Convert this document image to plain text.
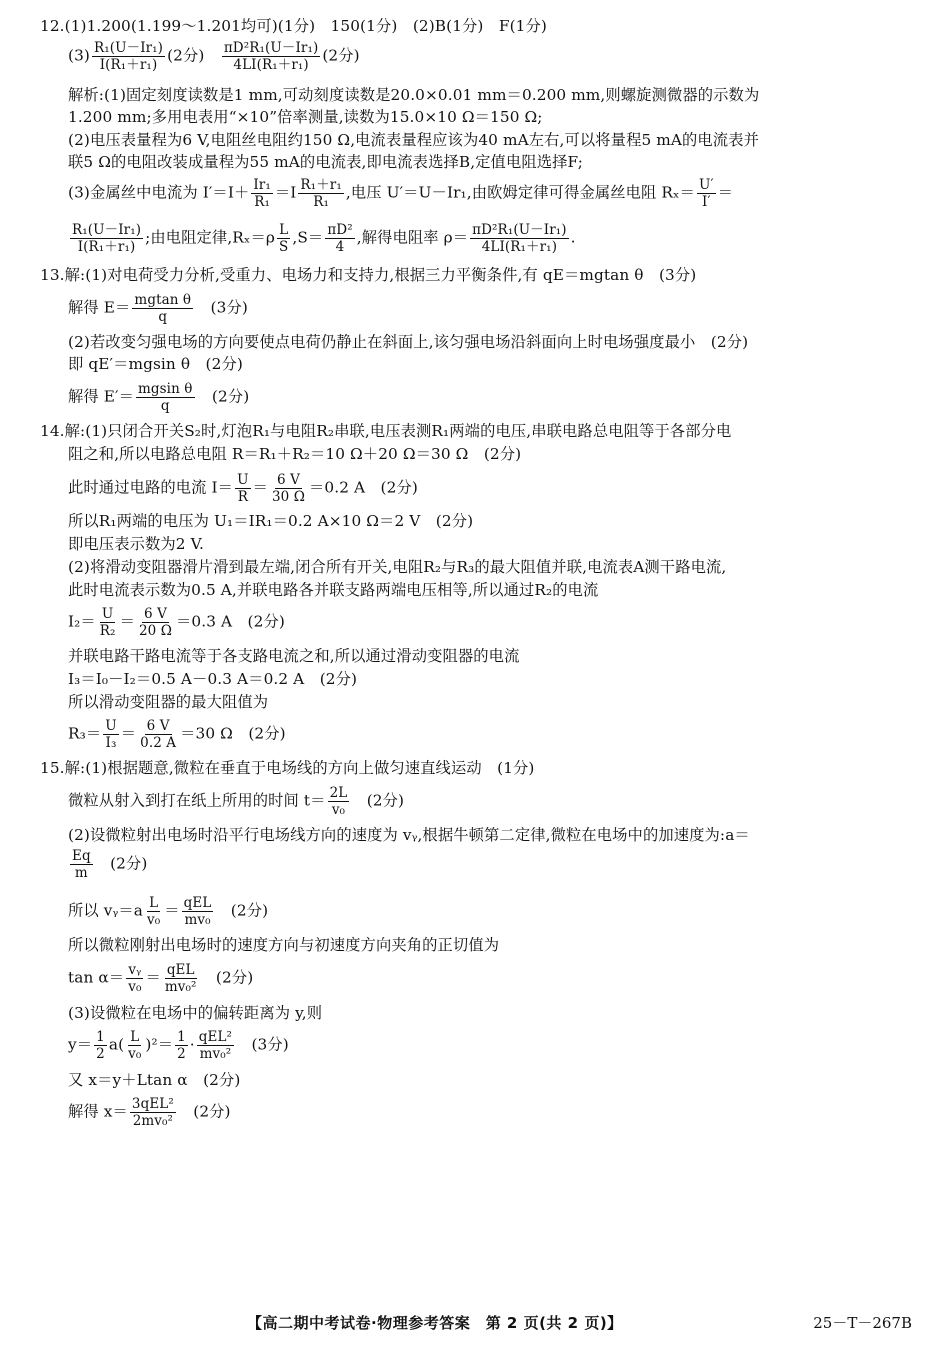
12.(1)1.200(1.199～1.201均可)(1分)　150(1分)　(2)B(1分)　F(1分)
$(3) \frac{\text{R₁(U－Ir₁)}}{\text{I(R₁＋r₁)}} (2$分)　 $\frac{\text{πD²R₁(U－Ir₁)}}{\text{4LI(R₁＋r₁)}} (2$分)
解析:(1)固定刻度读数是1 mm,可动刻度读数是20.0×0.01 mm＝0.200 mm,则螺旋测微器的示数为
1.200 mm;多用电表用“×10”倍率测量,读数为15.0×10 Ω＝150 Ω;
(2)电压表量程为6 V,电阻丝电阻约150 Ω,电流表量程应该为40 mA左右,可以将量程5 mA的电流表并
联5 Ω的电阻改装成量程为55 mA的电流表,即电流表选择B,定值电阻选择F;
(3)金属丝中电流为 $I'=I+ \frac{\text{Ir₁}}{\text{R₁}} =I \frac{\text{R₁＋r₁}}{\text{R₁}}$ ,电压 U′＝U－Ir₁,由欧姆定律可得金属丝电阻 $R_x= \frac{U'}{I'}$ ＝
$\frac{\text{R₁(U－Ir₁)}}{\text{I(R₁＋r₁)}}$ ;由电阻定律$,R_x=\rho \frac{L}{S} ,S= \frac{\text{πD²}}{4}$ ,解得电阻率 $\rho= \frac{\text{πD²R₁(U－Ir₁)}}{\text{4LI(R₁＋r₁)}}$ .
13.解:(1)对电荷受力分析,受重力、电场力和支持力,根据三力平衡条件,有 qE＝mgtan θ　(3分)
解得 $E= \frac{\text{mgtan θ}}{q}$ 　(3分)
(2)若改变匀强电场的方向要使点电荷仍静止在斜面上,该匀强电场沿斜面向上时电场强度最小　(2分)
即 qE′＝mgsin θ　(2分)
解得 $E'= \frac{\text{mgsin θ}}{q}$ 　(2分)
14.解:(1)只闭合开关S₂时,灯泡R₁与电阻R₂串联,电压表测R₁两端的电压,串联电路总电阻等于各部分电
阻之和,所以电路总电阻 R＝R₁＋R₂＝10 Ω＋20 Ω＝30 Ω　(2分)
此时通过电路的电流 $I= \frac{U}{R} = \frac{6 V}{30 \Omega} =0.2$ A　(2分)
所以R₁两端的电压为 U₁＝IR₁＝0.2 A×10 Ω＝2 V　(2分)
即电压表示数为2 V.
(2)将滑动变阻器滑片滑到最左端,闭合所有开关,电阻R₂与R₃的最大阻值并联,电流表A测干路电流,
此时电流表示数为0.5 A,并联电路各并联支路两端电压相等,所以通过R₂的电流
$I_2= \frac{U}{\text{R₂}} = \frac{6 V}{20 \Omega} =0.3$ A　(2分)
并联电路干路电流等于各支路电流之和,所以通过滑动变阻器的电流
I₃＝I₀－I₂＝0.5 A－0.3 A＝0.2 A　(2分)
所以滑动变阻器的最大阻值为
$R_3= \frac{U}{\text{I₃}} = \frac{6 V}{0.2 A} =30$ Ω　(2分)
15.解:(1)根据题意,微粒在垂直于电场线的方向上做匀速直线运动　(1分)
微粒从射入到打在纸上所用的时间 $t= \frac{2L}{\text{v₀}}$ 　(2分)
(2)设微粒射出电场时沿平行电场线方向的速度为 vᵧ,根据牛顿第二定律,微粒在电场中的加速度为:a＝
$\frac{Eq}{m}$ 　(2分)
所以 vᵧ＝a $\frac{L}{\text{v₀}}$ ＝ qEL
mv₀
　(2分)
所以微粒刚射出电场时的速度方向与初速度方向夹角的正切值为
$\tan \alpha= \frac{\text{vᵧ}}{\text{v₀}}$ ＝ qEL
mv₀²
　(2分)
(3)设微粒在电场中的偏转距离为 y,则
$y= \frac{1}{2} a( \frac{L}{\text{v₀}} )^2= \frac{1}{2} \cdot qEL^2$
mv₀²
　(3分)
又 x＝y＋Ltan α　(2分)
解得 x＝ 3qEL²
2mv₀²
　(2分)
【高二期中考试卷·物理参考答案　第 2 页(共 2 页)】	25－T－267B
